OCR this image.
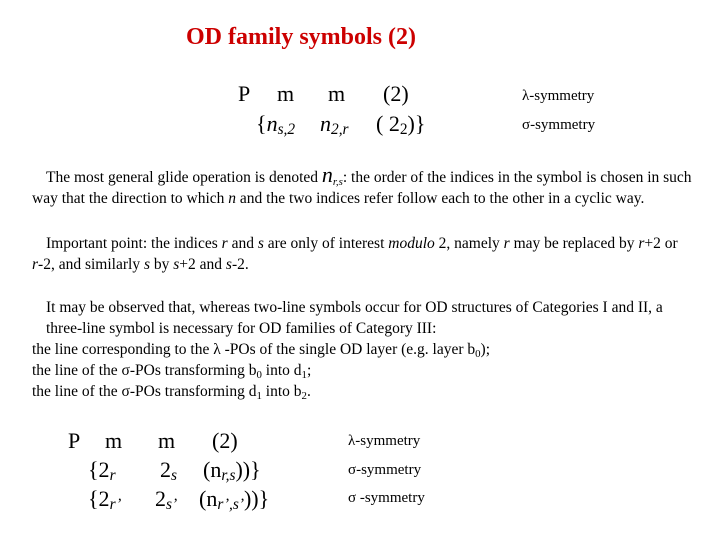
OD family symbols (2)
P m m (2)
{$n_{s,2}$ $n_{2,r}$ ( $2_2$)}
λ-symmetry
σ-symmetry
The most general glide operation is denoted $n_{r,s}$: the order of the indices in the symbol is chosen in such way that the direction to which n and the two indices refer follow each to the other in a cyclic way.
Important point: the indices r and s are only of interest modulo 2, namely r may be replaced by r+2 or r-2, and similarly s by s+2 and s-2.
It may be observed that, whereas two-line symbols occur for OD structures of Categories I and II, a three-line symbol is necessary for OD families of Category III:
the line corresponding to the λ -POs of the single OD layer (e.g. layer $b_0$);
the line of the σ-POs transforming $b_0$ into $d_1$;
the line of the σ-POs transforming $d_1$ into $b_2$.
P m m (2)
{$2_r$ $2_s$ $(n_{r,s})$)}
{$2_{r’}$ $2_{s’}$ $(n_{r’,s’})$)}
λ-symmetry
σ-symmetry
σ -symmetry
